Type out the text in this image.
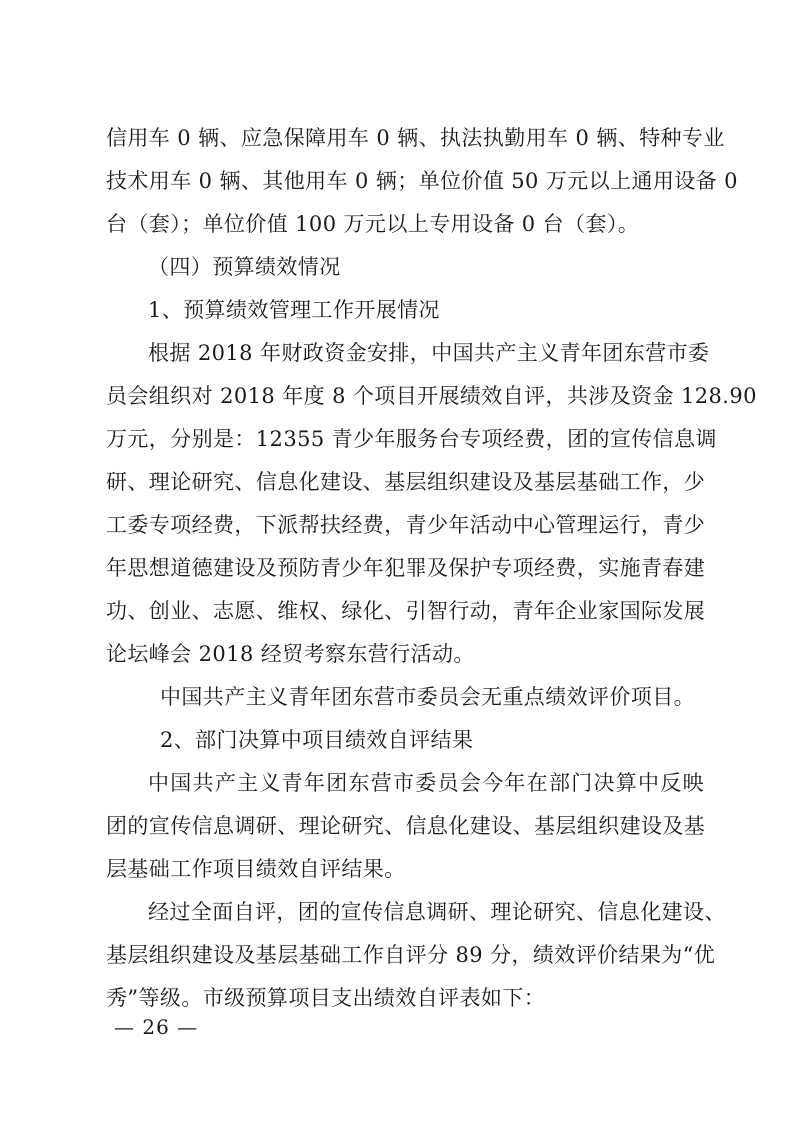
信用车 0 辆、应急保障用车 0 辆、执法执勤用车 0 辆、特种专业
技术用车 0 辆、其他用车 0 辆；单位价值 50 万元以上通用设备 0
台（套）；单位价值 100 万元以上专用设备 0 台（套）。
（四）预算绩效情况
1、预算绩效管理工作开展情况
根据 2018 年财政资金安排，中国共产主义青年团东营市委
员会组织对 2018 年度 8 个项目开展绩效自评，共涉及资金 128.90
万元，分别是：12355 青少年服务台专项经费，团的宣传信息调
研、理论研究、信息化建设、基层组织建设及基层基础工作，少
工委专项经费，下派帮扶经费，青少年活动中心管理运行，青少
年思想道德建设及预防青少年犯罪及保护专项经费，实施青春建
功、创业、志愿、维权、绿化、引智行动，青年企业家国际发展
论坛峰会 2018 经贸考察东营行活动。
中国共产主义青年团东营市委员会无重点绩效评价项目。
2、部门决算中项目绩效自评结果
中国共产主义青年团东营市委员会今年在部门决算中反映
团的宣传信息调研、理论研究、信息化建设、基层组织建设及基
层基础工作项目绩效自评结果。
经过全面自评，团的宣传信息调研、理论研究、信息化建设、
基层组织建设及基层基础工作自评分 89 分，绩效评价结果为“优
秀”等级。市级预算项目支出绩效自评表如下：
— 26 —
